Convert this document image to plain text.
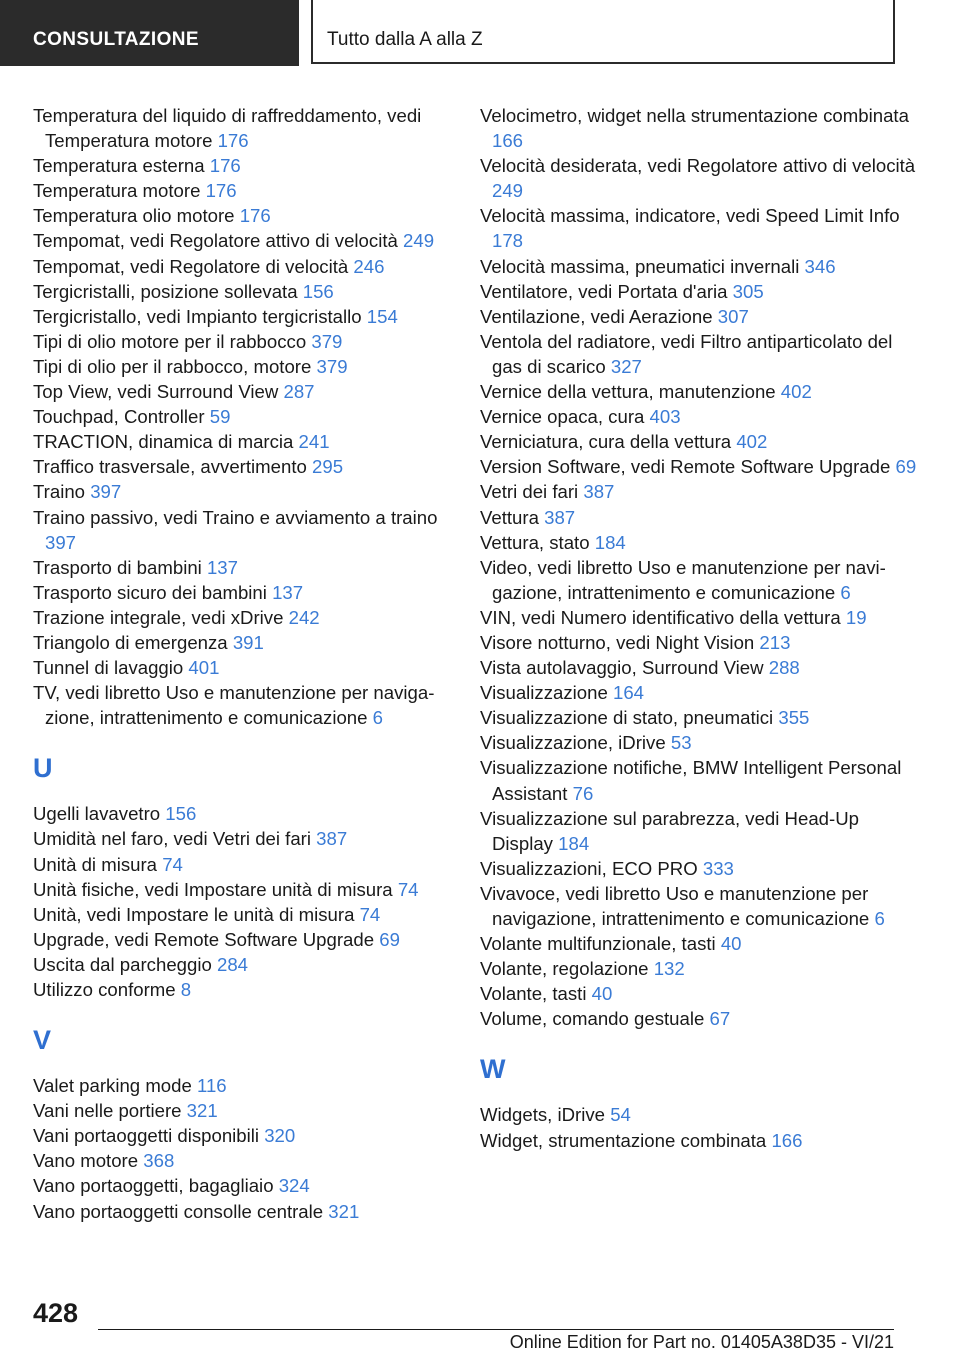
CONSULTAZIONE	Tutto dalla A alla Z
Temperatura del liquido di raffreddamento, vedi Temperatura motore 176
Temperatura esterna 176
Temperatura motore 176
Temperatura olio motore 176
Tempomat, vedi Regolatore attivo di velocità 249
Tempomat, vedi Regolatore di velocità 246
Tergicristalli, posizione sollevata 156
Tergicristallo, vedi Impianto tergicristallo 154
Tipi di olio motore per il rabbocco 379
Tipi di olio per il rabbocco, motore 379
Top View, vedi Surround View 287
Touchpad, Controller 59
TRACTION, dinamica di marcia 241
Traffico trasversale, avvertimento 295
Traino 397
Traino passivo, vedi Traino e avviamento a traino 397
Trasporto di bambini 137
Trasporto sicuro dei bambini 137
Trazione integrale, vedi xDrive 242
Triangolo di emergenza 391
Tunnel di lavaggio 401
TV, vedi libretto Uso e manutenzione per navigazione, intrattenimento e comunicazione 6
U
Ugelli lavavetro 156
Umidità nel faro, vedi Vetri dei fari 387
Unità di misura 74
Unità fisiche, vedi Impostare unità di misura 74
Unità, vedi Impostare le unità di misura 74
Upgrade, vedi Remote Software Upgrade 69
Uscita dal parcheggio 284
Utilizzo conforme 8
V
Valet parking mode 116
Vani nelle portiere 321
Vani portaoggetti disponibili 320
Vano motore 368
Vano portaoggetti, bagagliaio 324
Vano portaoggetti consolle centrale 321
Velocimetro, widget nella strumentazione combinata 166
Velocità desiderata, vedi Regolatore attivo di velocità 249
Velocità massima, indicatore, vedi Speed Limit Info 178
Velocità massima, pneumatici invernali 346
Ventilatore, vedi Portata d'aria 305
Ventilazione, vedi Aerazione 307
Ventola del radiatore, vedi Filtro antiparticolato del gas di scarico 327
Vernice della vettura, manutenzione 402
Vernice opaca, cura 403
Verniciatura, cura della vettura 402
Version Software, vedi Remote Software Upgrade 69
Vetri dei fari 387
Vettura 387
Vettura, stato 184
Video, vedi libretto Uso e manutenzione per navigazione, intrattenimento e comunicazione 6
VIN, vedi Numero identificativo della vettura 19
Visore notturno, vedi Night Vision 213
Vista autolavaggio, Surround View 288
Visualizzazione 164
Visualizzazione di stato, pneumatici 355
Visualizzazione, iDrive 53
Visualizzazione notifiche, BMW Intelligent Personal Assistant 76
Visualizzazione sul parabrezza, vedi Head-Up Display 184
Visualizzazioni, ECO PRO 333
Vivavoce, vedi libretto Uso e manutenzione per navigazione, intrattenimento e comunicazione 6
Volante multifunzionale, tasti 40
Volante, regolazione 132
Volante, tasti 40
Volume, comando gestuale 67
W
Widgets, iDrive 54
Widget, strumentazione combinata 166
428
Online Edition for Part no. 01405A38D35 - VI/21
